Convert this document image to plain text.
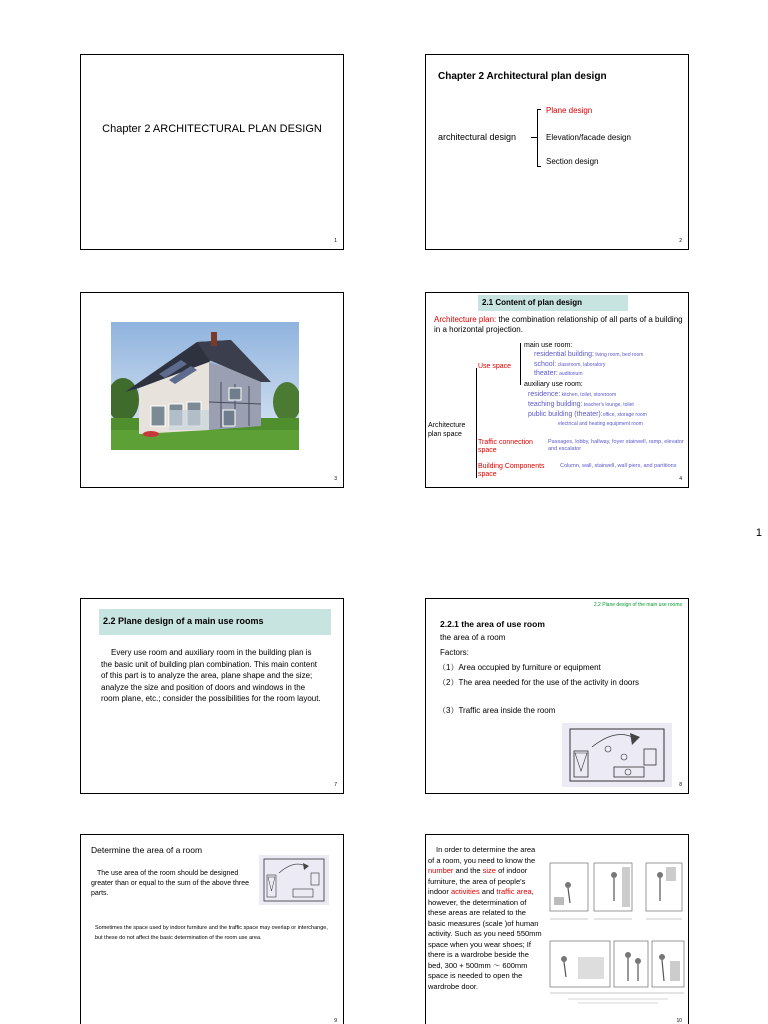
Chapter 2 ARCHITECTURAL PLAN DESIGN
1
Chapter 2 Architectural plan design
architectural design
Plane design
Elevation/facade design
Section design
2
3
2.1 Content of plan design
Architecture plan: the combination relationship of all parts of a building in a horizontal projection.
Architecture plan space
Use space
main use room:
residential building: living room, bed room
school: classroom, laboratory
theater: auditorium
auxiliary use room:
residence: kitchen, toilet, storeroom
teaching building: teacher's lounge, toilet
public building (theater):office, storage room
electrical and heating equipment room
Traffic connection space
Passages, lobby, hallway, foyer stairwell, ramp, elevator and escalator
Building Components space
Column, wall, stairwell, wall piers, and partitions
4
1
2.2 Plane design of a main use rooms
Every use room and auxiliary room in the building plan is the basic unit of building plan combination. This main content of this part is to analyze the area, plane shape and the size; analyze the size and position of doors and windows in the room plane, etc.; consider the possibilities for the room layout.
7
2.2 Plane design of the main use rooms
2.2.1 the area of use room
the area of a room
Factors:
（1）Area occupied by furniture or equipment
（2）The area needed for the use of the activity in doors
（3）Traffic area inside the room
8
Determine the area of a room
The use area of the room should be designed greater than or equal to the sum of the above three parts.
Sometimes the space used by indoor furniture and the traffic space may overlap or interchange, but these do not affect the basic determination of the room use area.
9
In order to determine the area of a room, you need to know the number and the size of indoor furniture, the area of people's indoor activities and traffic area, however, the determination of these areas are related to the basic measures (scale )of human activity. Such as you need 550mm space when you wear shoes; If there is a wardrobe beside the bed, 300 + 500mm ～ 600mm space is needed to open the wardrobe door.
10
